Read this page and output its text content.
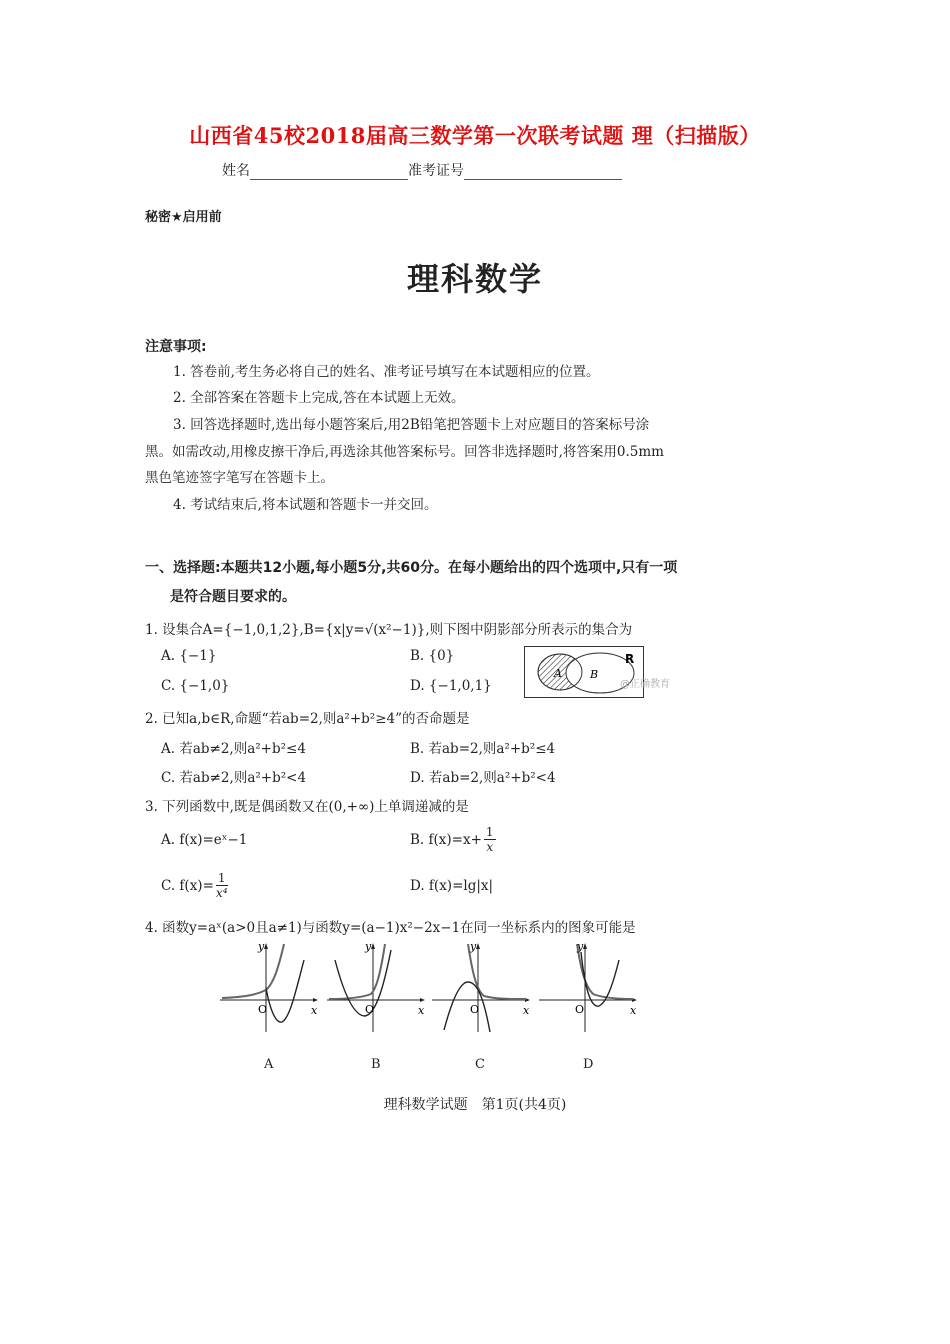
山西省45校2018届高三数学第一次联考试题 理（扫描版）
姓名	准考证号
秘密★启用前
理科数学
注意事项:
1. 答卷前,考生务必将自己的姓名、准考证号填写在本试题相应的位置。
2. 全部答案在答题卡上完成,答在本试题上无效。
3. 回答选择题时,选出每小题答案后,用2B铅笔把答题卡上对应题目的答案标号涂
黑。如需改动,用橡皮擦干净后,再选涂其他答案标号。回答非选择题时,将答案用0.5mm
黑色笔迹签字笔写在答题卡上。
4. 考试结束后,将本试题和答题卡一并交回。
一、选择题:本题共12小题,每小题5分,共60分。在每小题给出的四个选项中,只有一项
是符合题目要求的。
1. 设集合A={−1,0,1,2},B={x|y=√(x²−1)},则下图中阴影部分所表示的集合为
A. {−1}	B. {0}
C. {−1,0}	D. {−1,0,1}
R
A	B
@正确教育
2. 已知a,b∈R,命题“若ab=2,则a²+b²≥4”的否命题是
A. 若ab≠2,则a²+b²≤4	B. 若ab=2,则a²+b²≤4
C. 若ab≠2,则a²+b²<4	D. 若ab=2,则a²+b²<4
3. 下列函数中,既是偶函数又在(0,+∞)上单调递减的是
A. f(x)=eˣ−1	B. $f(x)=x+ \frac{1}{x}$
C. $f(x)= \frac{1}{\text{x⁴}}$	D. f(x)=lg|x|
4. 函数y=aˣ(a>0且a≠1)与函数y=(a−1)x²−2x−1在同一坐标系内的图象可能是
y
x
O
A
y
x
O
B
y
x
O
C
y
x
O
D
理科数学试题　第1页(共4页)
